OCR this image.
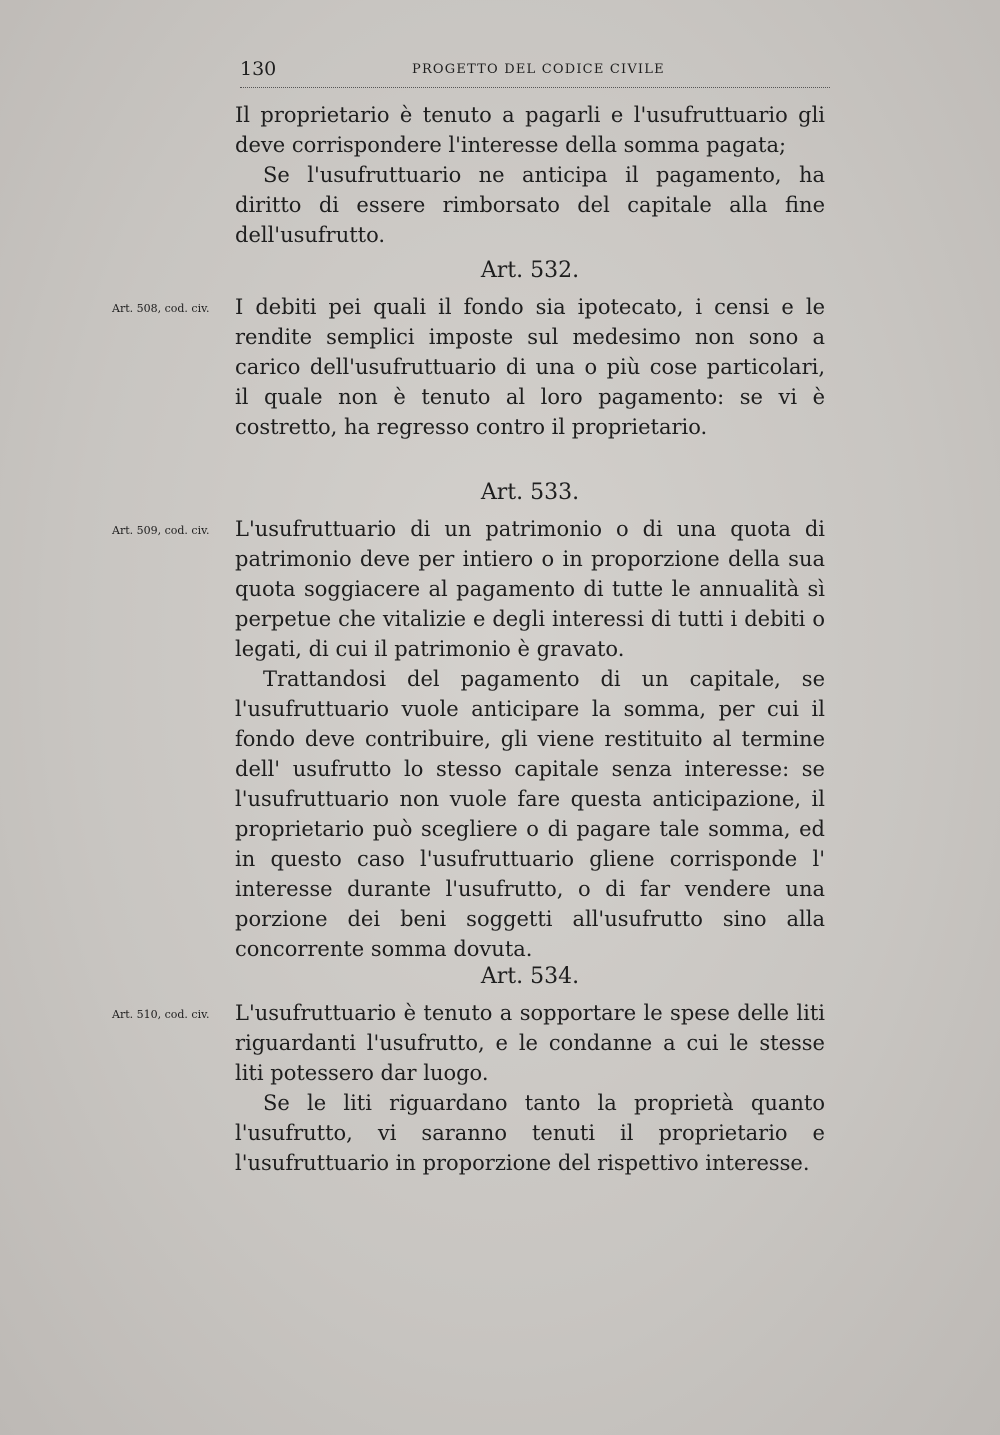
130	PROGETTO DEL CODICE CIVILE

Il proprietario è tenuto a pagarli e l'usufruttuario gli deve corrispondere l'interesse della somma pagata;

Se l'usufruttuario ne anticipa il pagamento, ha diritto di essere rimborsato del capitale alla fine dell'usufrutto.

Art. 532.
Art. 508, cod. civ. I debiti pei quali il fondo sia ipotecato, i censi e le rendite semplici imposte sul medesimo non sono a carico dell'usufruttuario di una o più cose particolari, il quale non è tenuto al loro pagamento: se vi è costretto, ha regresso contro il proprietario.

Art. 533.
Art. 509, cod. civ. L'usufruttuario di un patrimonio o di una quota di patrimonio deve per intiero o in proporzione della sua quota soggiacere al pagamento di tutte le annualità sì perpetue che vitalizie e degli interessi di tutti i debiti o legati, di cui il patrimonio è gravato.

Trattandosi del pagamento di un capitale, se l'usufruttuario vuole anticipare la somma, per cui il fondo deve contribuire, gli viene restituito al termine dell' usufrutto lo stesso capitale senza interesse: se l'usufruttuario non vuole fare questa anticipazione, il proprietario può scegliere o di pagare tale somma, ed in questo caso l'usufruttuario gliene corrisponde l' interesse durante l'usufrutto, o di far vendere una porzione dei beni soggetti all'usufrutto sino alla concorrente somma dovuta.

Art. 534.
Art. 510, cod. civ. L'usufruttuario è tenuto a sopportare le spese delle liti riguardanti l'usufrutto, e le condanne a cui le stesse liti potessero dar luogo.

Se le liti riguardano tanto la proprietà quanto l'usufrutto, vi saranno tenuti il proprietario e l'usufruttuario in proporzione del rispettivo interesse.
